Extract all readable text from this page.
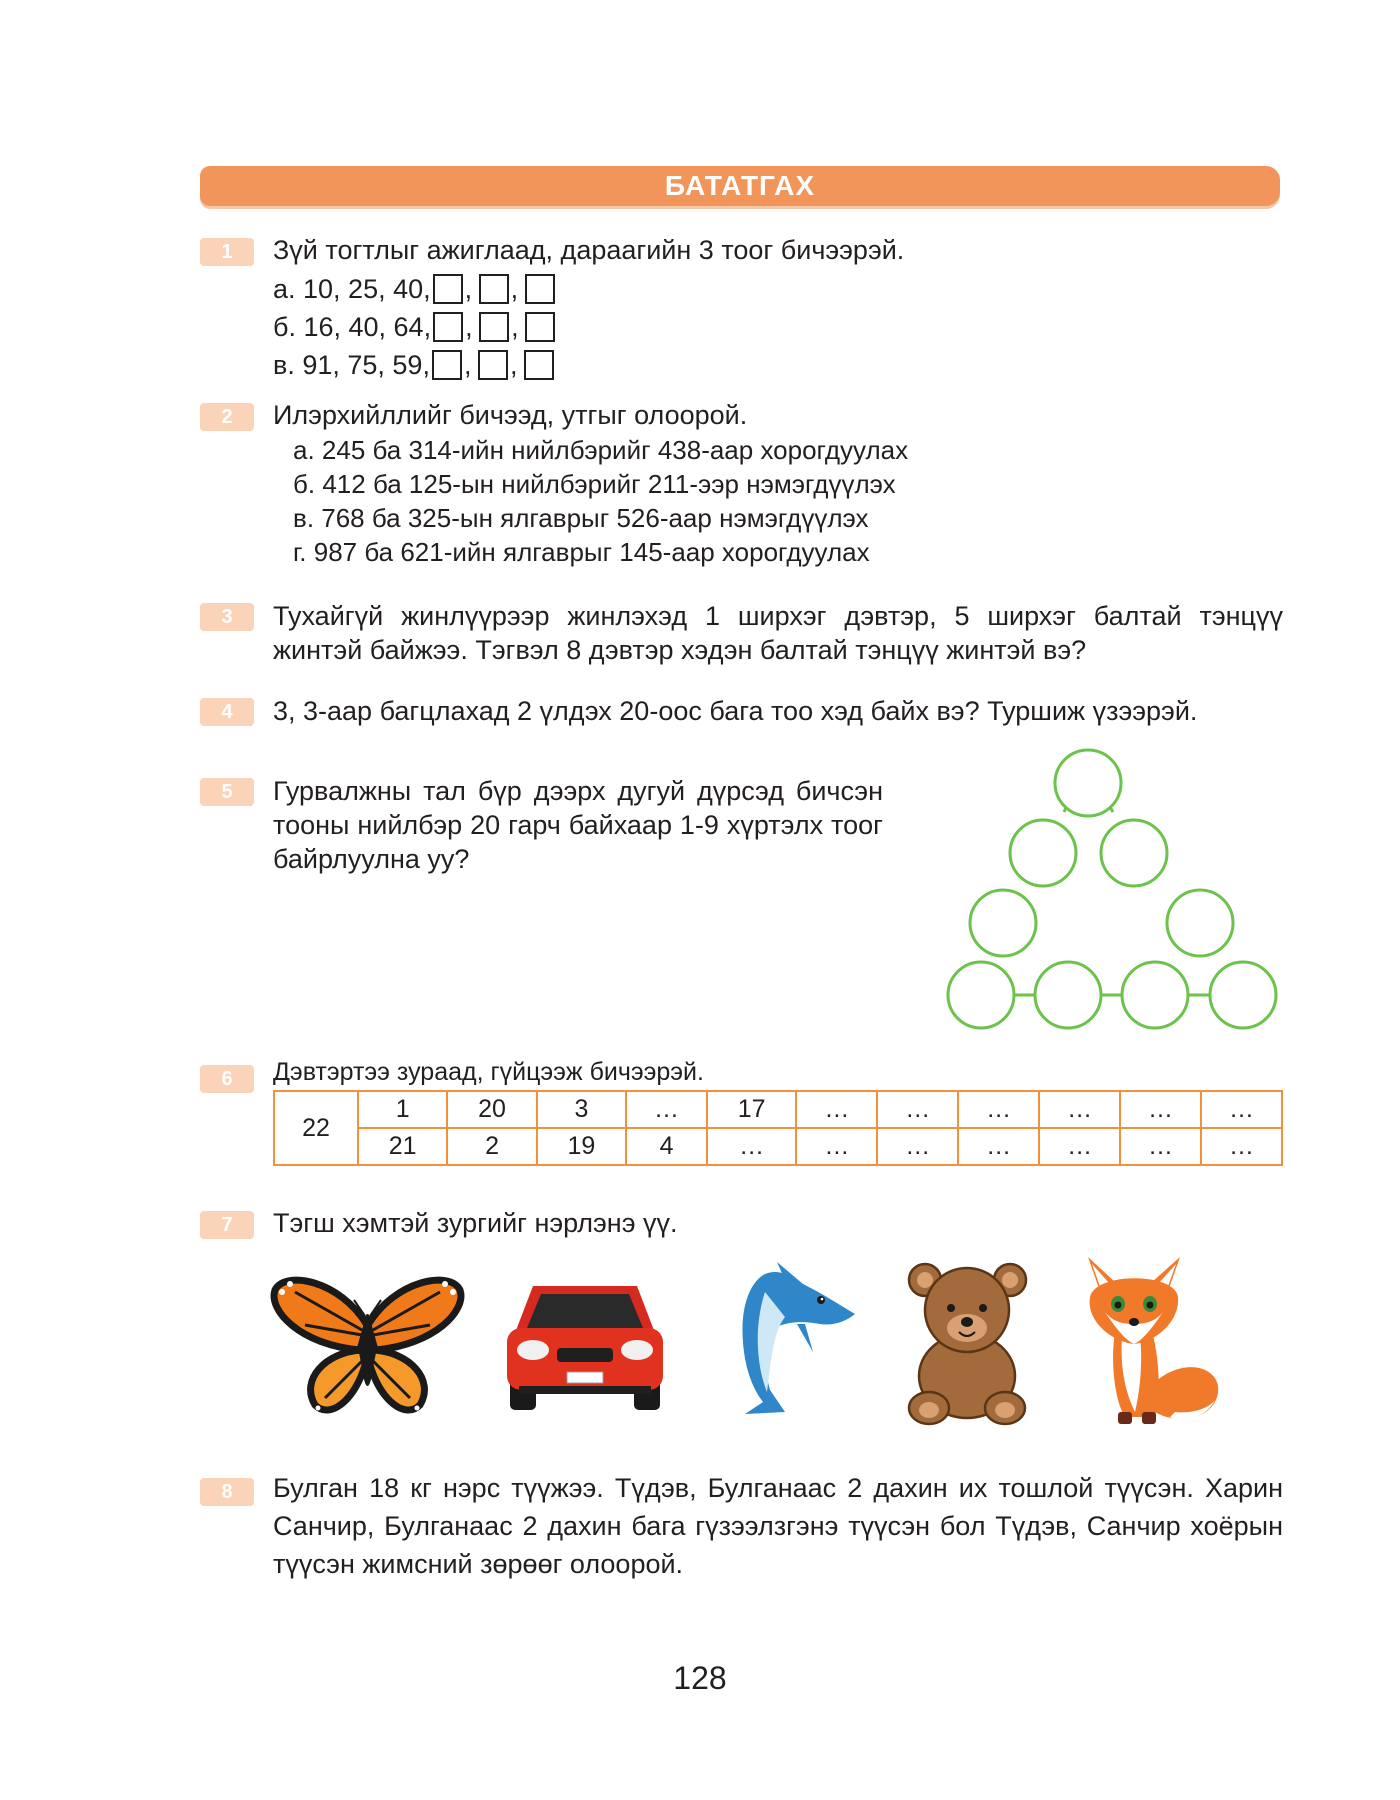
БАТАТГАХ
1	Зүй тогтлыг ажиглаад, дараагийн 3 тоог бичээрэй.
а. 10, 25, 40, , ,
б. 16, 40, 64, , ,
в. 91, 75, 59, , ,
2	Илэрхийллийг бичээд, утгыг олоорой.
а. 245 ба 314-ийн нийлбэрийг 438-аар хорогдуулах
б. 412 ба 125-ын нийлбэрийг 211-ээр нэмэгдүүлэх
в. 768 ба 325-ын ялгаврыг 526-аар нэмэгдүүлэх
г. 987 ба 621-ийн ялгаврыг 145-аар хорогдуулах
3	Тухайгүй жинлүүрээр жинлэхэд 1 ширхэг дэвтэр, 5 ширхэг балтай тэнцүү жинтэй байжээ. Тэгвэл 8 дэвтэр хэдэн балтай тэнцүү жинтэй вэ?
4	3, 3-аар багцлахад 2 үлдэх 20-оос бага тоо хэд байх вэ? Туршиж үзээрэй.
5	Гурвалжны тал бүр дээрх дугуй дүрсэд бичсэн тооны нийлбэр 20 гарч байхаар 1-9 хүртэлх тоог байрлуулна уу?
6	Дэвтэртээ зураад, гүйцээж бичээрэй.
22	1	20	3	…	17	…	…	…	…	…	…
	21	2	19	4	…	…	…	…	…	…	…
7	Тэгш хэмтэй зургийг нэрлэнэ үү.
8	Булган 18 кг нэрс түүжээ. Түдэв, Булганаас 2 дахин их тошлой түүсэн. Харин Санчир, Булганаас 2 дахин бага гүзээлзгэнэ түүсэн бол Түдэв, Санчир хоёрын түүсэн жимсний зөрөөг олоорой.
128
